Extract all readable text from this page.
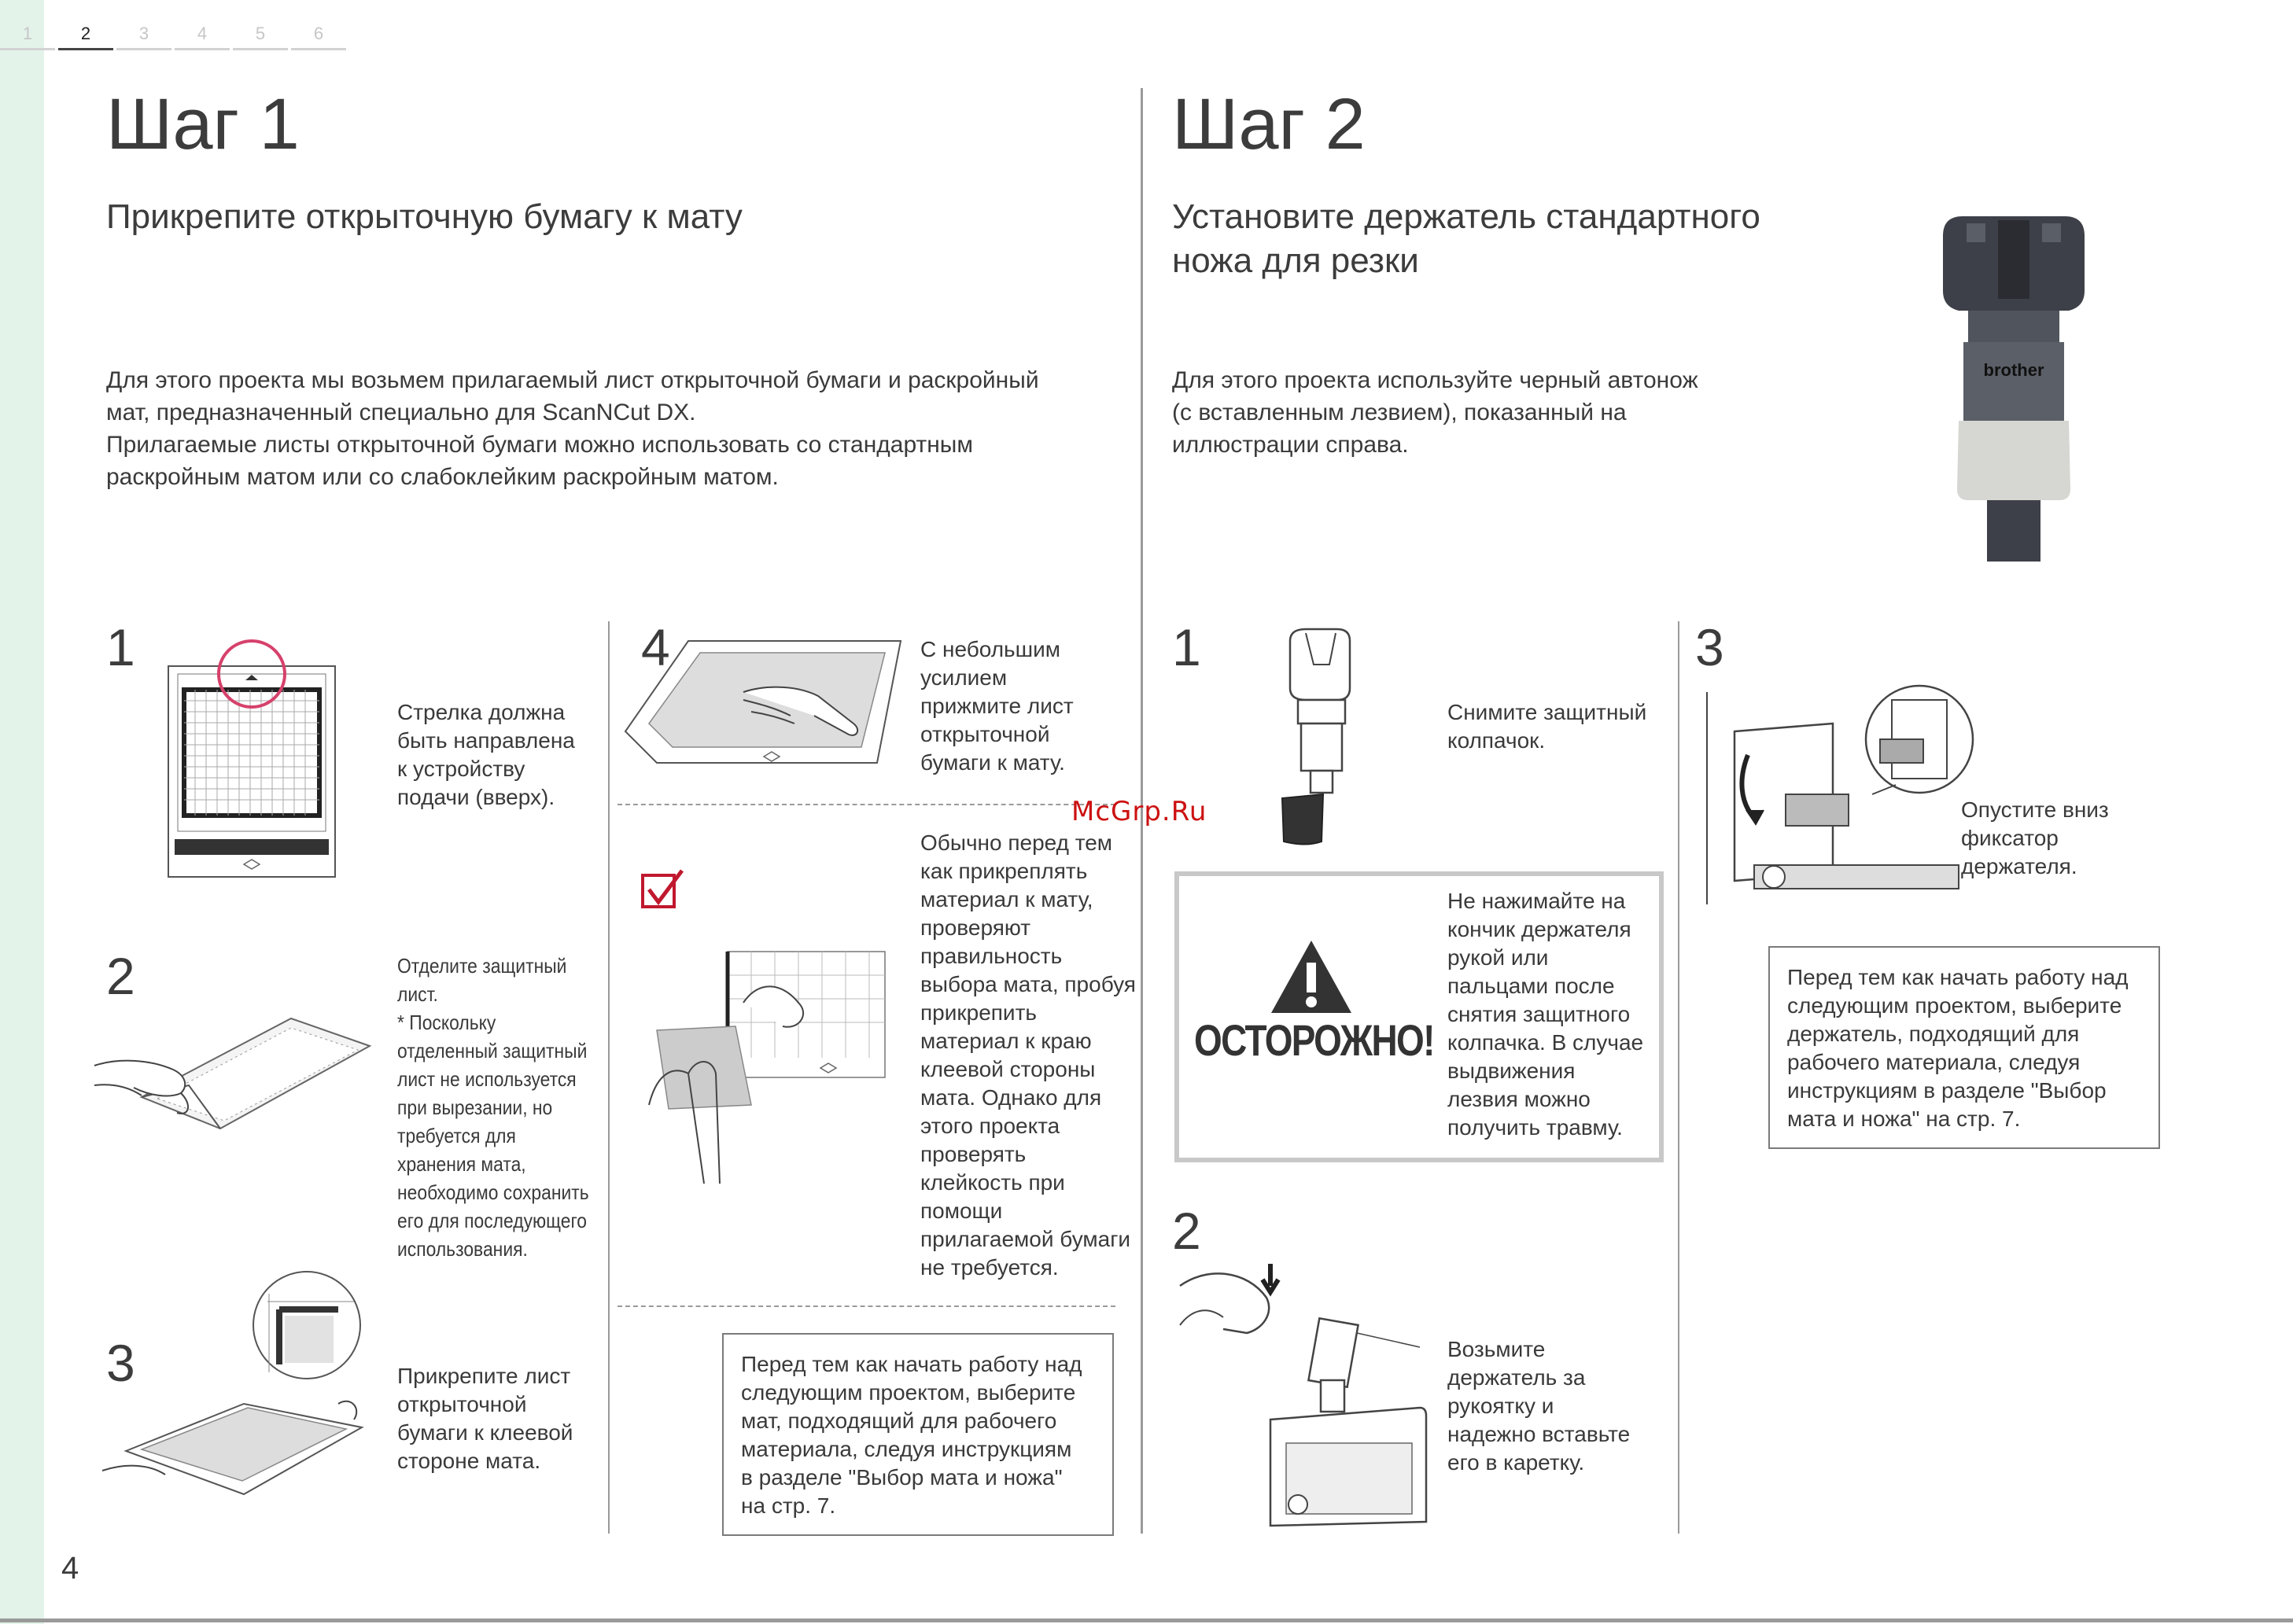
1	2	3	4	5	6
Шаг 1
Прикрепите открыточную бумагу к мату
Для этого проекта мы возьмем прилагаемый лист открыточной бумаги и раскройный
мат, предназначенный специально для ScanNCut DX.
Прилагаемые листы открыточной бумаги можно использовать со стандартным
раскройным матом или со слабоклейким раскройным матом.
1
Стрелка должна
быть направлена
к устройству
подачи (вверх).
2	Отделите защитный
лист.
* Поскольку
отделенный защитный
лист не используется
при вырезании, но
требуется для
хранения мата,
необходимо сохранить
его для последующего
использования.
3	Прикрепите лист
открыточной
бумаги к клеевой
стороне мата.
4	С небольшим
усилием
прижмите лист
открыточной
бумаги к мату.
Обычно перед тем
как прикреплять
материал к мату,
проверяют
правильность
выбора мата, пробуя
прикрепить
материал к краю
клеевой стороны
мата. Однако для
этого проекта
проверять
клейкость при
помощи
прилагаемой бумаги
не требуется.
Перед тем как начать работу над
следующим проектом, выберите
мат, подходящий для рабочего
материала, следуя инструкциям
в разделе "Выбор мата и ножа"
на стр. 7.
Шаг 2
Установите держатель стандартного
ножа для резки
Для этого проекта используйте черный автонож
(с вставленным лезвием), показанный на
иллюстрации справа.
brother
1
Снимите защитный
колпачок.
McGrp.Ru
ОСТОРОЖНО!
Не нажимайте на
кончик держателя
рукой или
пальцами после
снятия защитного
колпачка. В случае
выдвижения
лезвия можно
получить травму.
2
Возьмите
держатель за
рукоятку и
надежно вставьте
его в каретку.
3
Опустите вниз
фиксатор
держателя.
Перед тем как начать работу над
следующим проектом, выберите
держатель, подходящий для
рабочего материала, следуя
инструкциям в разделе "Выбор
мата и ножа" на стр. 7.
4
